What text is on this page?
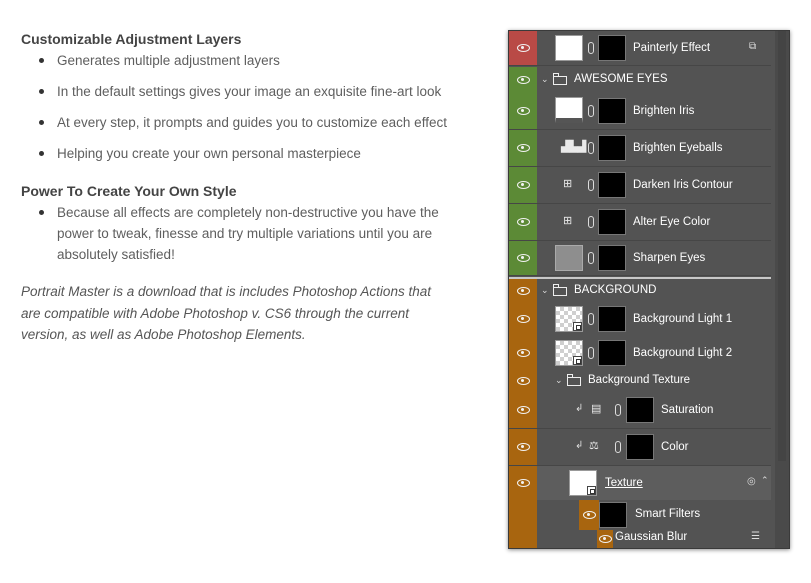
Customizable Adjustment Layers
Generates multiple adjustment layers
In the default settings gives your image an exquisite fine-art look
At every step, it prompts and guides you to customize each effect
Helping you create your own personal masterpiece
Power To Create Your Own Style
Because all effects are completely non-destructive you have the power to tweak, finesse and try multiple variations until you are absolutely satisfied!
Portrait Master is a download that is includes Photoshop Actions that are compatible with Adobe Photoshop v. CS6 through the current version, as well as Adobe Photoshop Elements.
Painterly Effect	⧉
⌄ AWESOME EYES
Brighten Iris
▟▙▟	Brighten Eyeballs
⊞	Darken Iris Contour
⊞	Alter Eye Color
Sharpen Eyes
⌄ BACKGROUND
Background Light 1
Background Light 2
⌄ Background Texture
↲ ▤	Saturation
↲ ⚖	Color
Texture	◎ ⌃
Smart Filters
Gaussian Blur	☰
